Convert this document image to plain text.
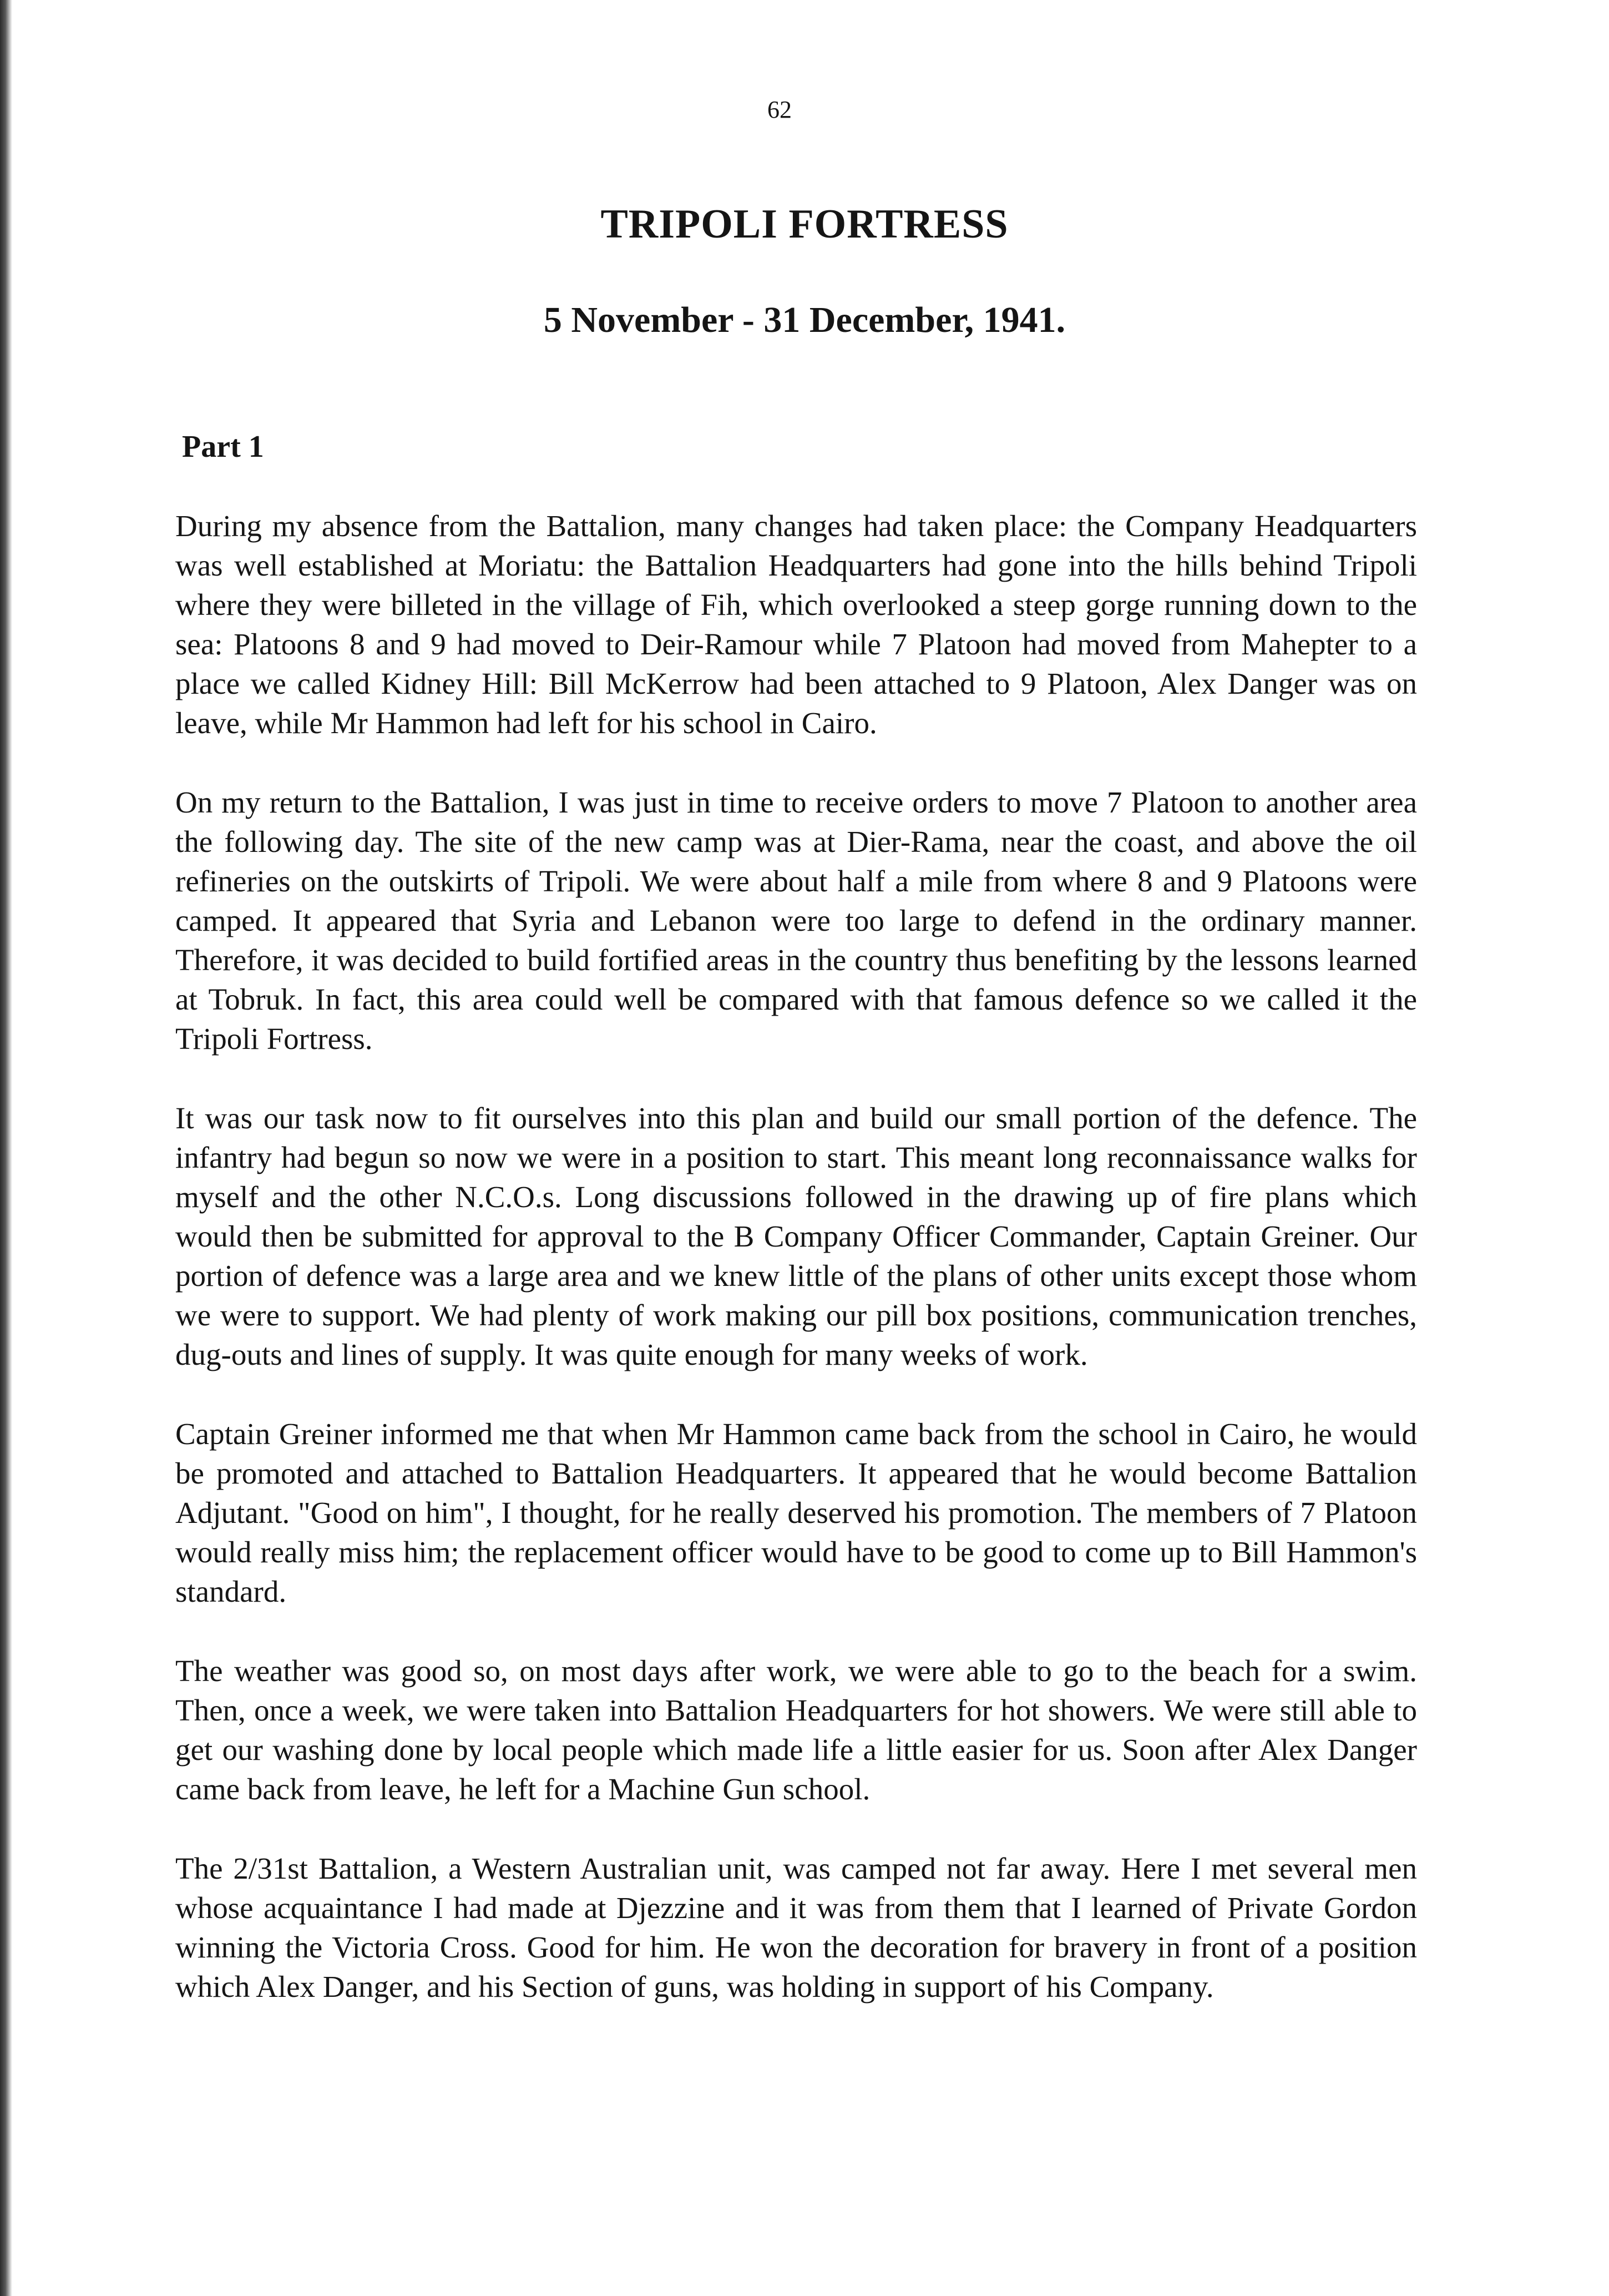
62
TRIPOLI FORTRESS
5 November - 31 December, 1941.
Part 1

During my absence from the Battalion, many changes had taken place: the Company Headquarters was well established at Moriatu: the Battalion Headquarters had gone into the hills behind Tripoli where they were billeted in the village of Fih, which overlooked a steep gorge running down to the sea: Platoons 8 and 9 had moved to Deir-Ramour while 7 Platoon had moved from Mahepter to a place we called Kidney Hill: Bill McKerrow had been attached to 9 Platoon, Alex Danger was on leave, while Mr Hammon had left for his school in Cairo.

On my return to the Battalion, I was just in time to receive orders to move 7 Platoon to another area the following day. The site of the new camp was at Dier-Rama, near the coast, and above the oil refineries on the outskirts of Tripoli. We were about half a mile from where 8 and 9 Platoons were camped. It appeared that Syria and Lebanon were too large to defend in the ordinary manner. Therefore, it was decided to build fortified areas in the country thus benefiting by the lessons learned at Tobruk. In fact, this area could well be compared with that famous defence so we called it the Tripoli Fortress.

It was our task now to fit ourselves into this plan and build our small portion of the defence. The infantry had begun so now we were in a position to start. This meant long reconnaissance walks for myself and the other N.C.O.s. Long discussions followed in the drawing up of fire plans which would then be submitted for approval to the B Company Officer Commander, Captain Greiner. Our portion of defence was a large area and we knew little of the plans of other units except those whom we were to support. We had plenty of work making our pill box positions, communication trenches, dug-outs and lines of supply. It was quite enough for many weeks of work.

Captain Greiner informed me that when Mr Hammon came back from the school in Cairo, he would be promoted and attached to Battalion Headquarters. It appeared that he would become Battalion Adjutant. "Good on him", I thought, for he really deserved his promotion. The members of 7 Platoon would really miss him; the replacement officer would have to be good to come up to Bill Hammon's standard.

The weather was good so, on most days after work, we were able to go to the beach for a swim. Then, once a week, we were taken into Battalion Headquarters for hot showers. We were still able to get our washing done by local people which made life a little easier for us. Soon after Alex Danger came back from leave, he left for a Machine Gun school.

The 2/31st Battalion, a Western Australian unit, was camped not far away. Here I met several men whose acquaintance I had made at Djezzine and it was from them that I learned of Private Gordon winning the Victoria Cross. Good for him. He won the decoration for bravery in front of a position which Alex Danger, and his Section of guns, was holding in support of his Company.
